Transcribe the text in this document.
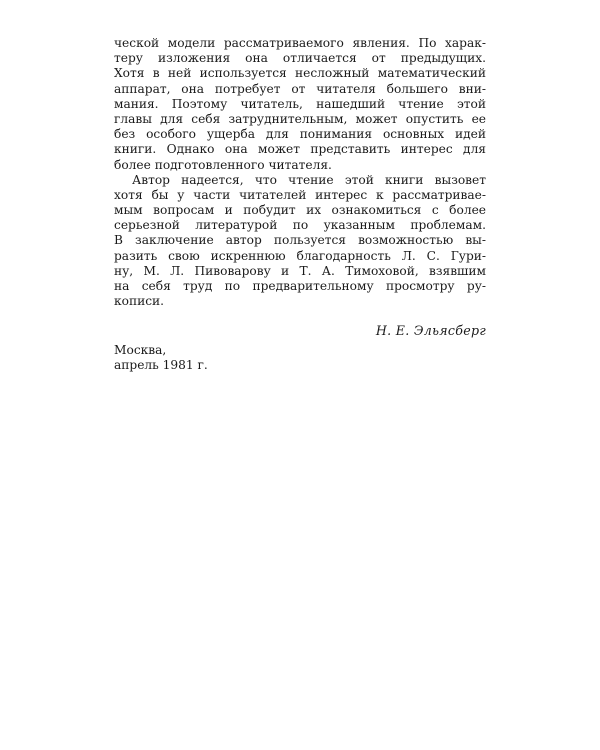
ческой модели рассматриваемого явления. По харак-
теру изложения она отличается от предыдущих.
Хотя в ней используется несложный математический
аппарат, она потребует от читателя большего вни-
мания. Поэтому читатель, нашедший чтение этой
главы для себя затруднительным, может опустить ее
без особого ущерба для понимания основных идей
книги. Однако она может представить интерес для
более подготовленного читателя.
Автор надеется, что чтение этой книги вызовет
хотя бы у части читателей интерес к рассматривае-
мым вопросам и побудит их ознакомиться с более
серьезной литературой по указанным проблемам.
В заключение автор пользуется возможностью вы-
разить свою искреннюю благодарность Л. С. Гури-
ну, М. Л. Пивоварову и Т. А. Тимоховой, взявшим
на себя труд по предварительному просмотру ру-
кописи.
Н. Е. Эльясберг
Москва,
апрель 1981 г.
